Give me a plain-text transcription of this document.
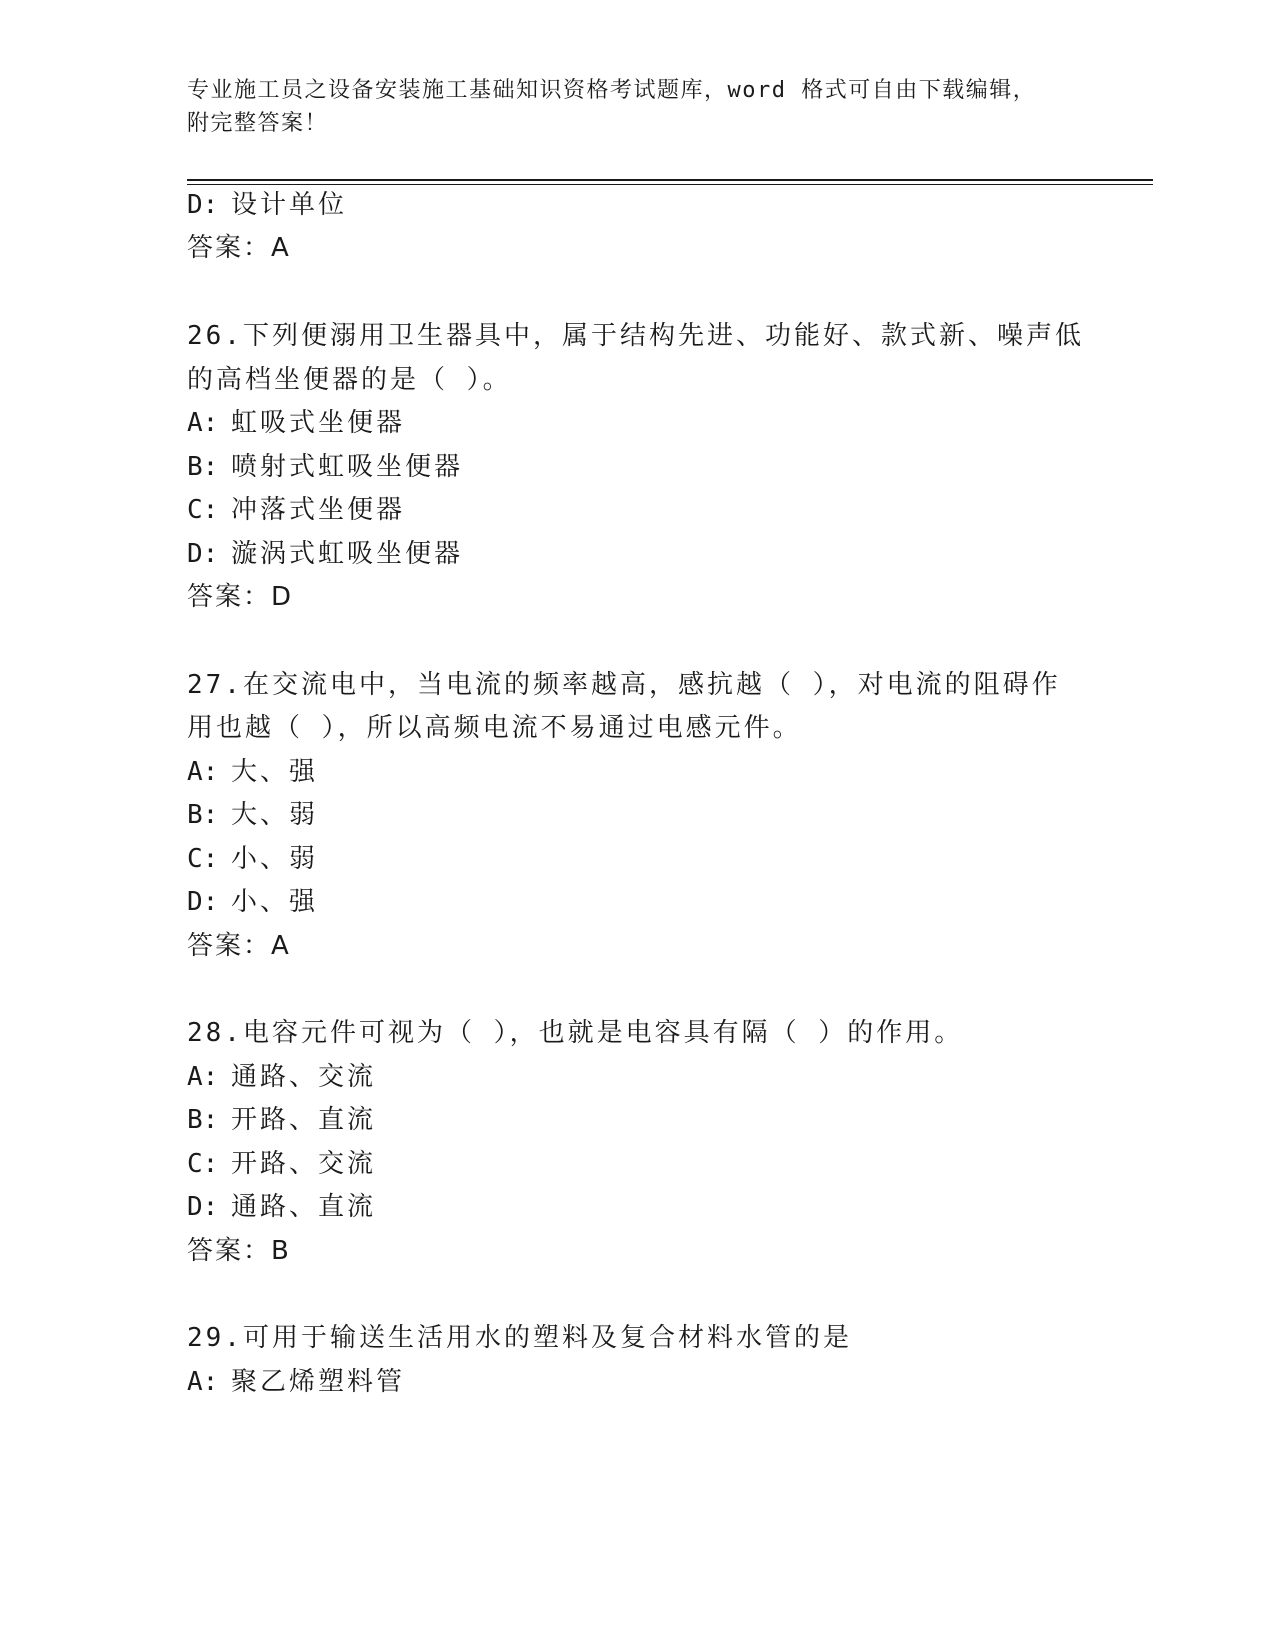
专业施工员之设备安装施工基础知识资格考试题库，word 格式可自由下载编辑，
附完整答案！
D: 设计单位
答案：A
26.下列便溺用卫生器具中，属于结构先进、功能好、款式新、噪声低
的高档坐便器的是（ ）。
A: 虹吸式坐便器
B: 喷射式虹吸坐便器
C: 冲落式坐便器
D: 漩涡式虹吸坐便器
答案：D
27.在交流电中，当电流的频率越高，感抗越（ ），对电流的阻碍作
用也越（ ），所以高频电流不易通过电感元件。
A: 大、强
B: 大、弱
C: 小、弱
D: 小、强
答案：A
28.电容元件可视为（ ），也就是电容具有隔（ ）的作用。
A: 通路、交流
B: 开路、直流
C: 开路、交流
D: 通路、直流
答案：B
29.可用于输送生活用水的塑料及复合材料水管的是
A: 聚乙烯塑料管
